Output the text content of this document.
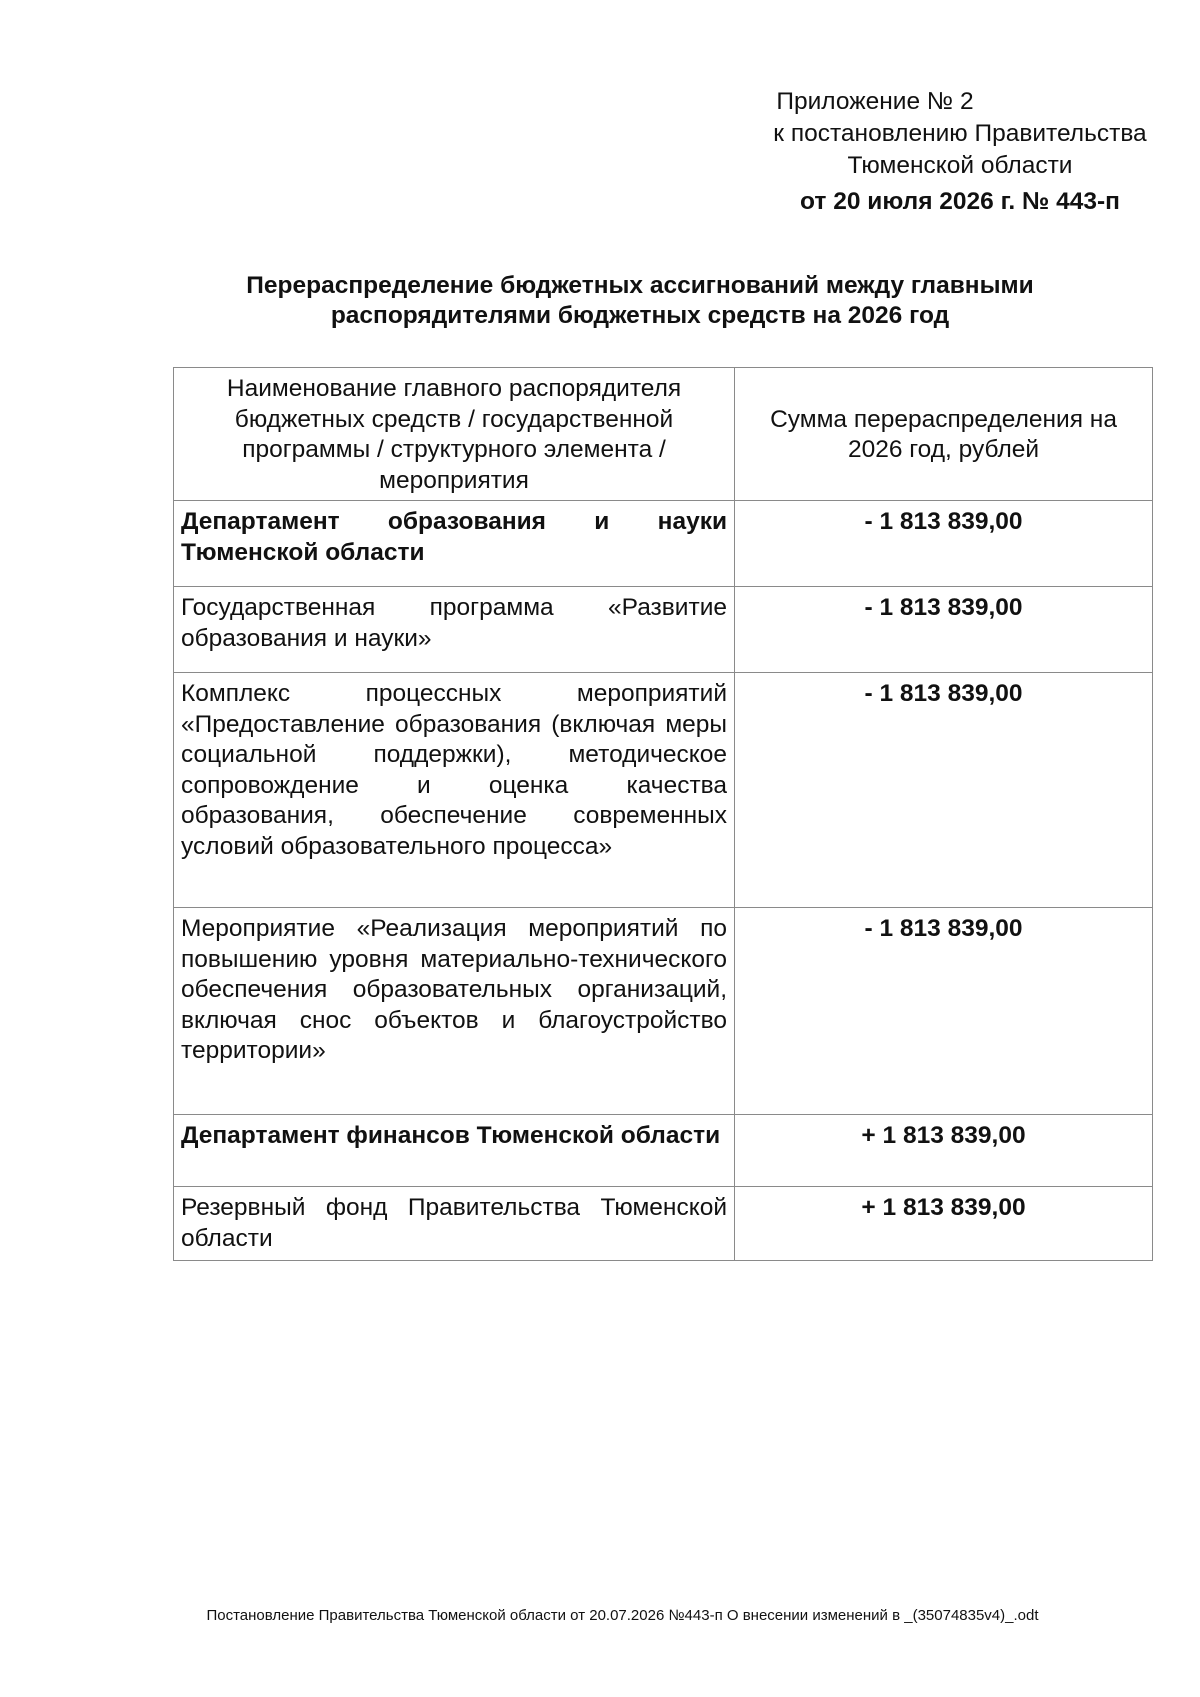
Приложение № 2
к постановлению Правительства
Тюменской области
от 20 июля 2026 г. № 443-п
Перераспределение бюджетных ассигнований между главными
распорядителями бюджетных средств на 2026 год
Наименование главного распорядителя бюджетных средств / государственной программы / структурного элемента / мероприятия	Сумма перераспределения на 2026 год, рублей
Департамент образования и науки Тюменской области	- 1 813 839,00
Государственная программа «Развитие образования и науки»	- 1 813 839,00
Комплекс процессных мероприятий «Предоставление образования (включая меры социальной поддержки), методическое сопровождение и оценка качества образования, обеспечение современных условий образовательного процесса»	- 1 813 839,00
Мероприятие «Реализация мероприятий по повышению уровня материально-технического обеспечения образовательных организаций, включая снос объектов и благоустройство территории»	- 1 813 839,00
Департамент финансов Тюменской области	+ 1 813 839,00
Резервный фонд Правительства Тюменской области	+ 1 813 839,00
Постановление Правительства Тюменской области от 20.07.2026 №443-п О внесении изменений в _(35074835v4)_.odt
